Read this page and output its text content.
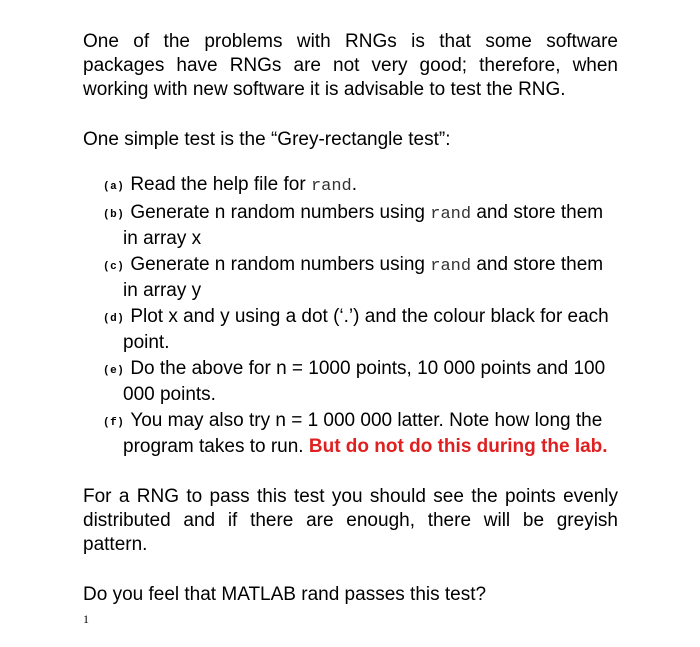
One of the problems with RNGs is that some software packages have RNGs are not very good; therefore, when working with new software it is advisable to test the RNG.

One simple test is the “Grey-rectangle test”:

(a) Read the help file for rand.
(b) Generate n random numbers using rand and store them in array x
(c) Generate n random numbers using rand and store them in array y
(d) Plot x and y using a dot (‘.’) and the colour black for each point.
(e) Do the above for n = 1000 points, 10 000 points and 100 000 points.
(f) You may also try n = 1 000 000 latter. Note how long the program takes to run. But do not do this during the lab.

For a RNG to pass this test you should see the points evenly distributed and if there are enough, there will be greyish pattern.

Do you feel that MATLAB rand passes this test?

1
